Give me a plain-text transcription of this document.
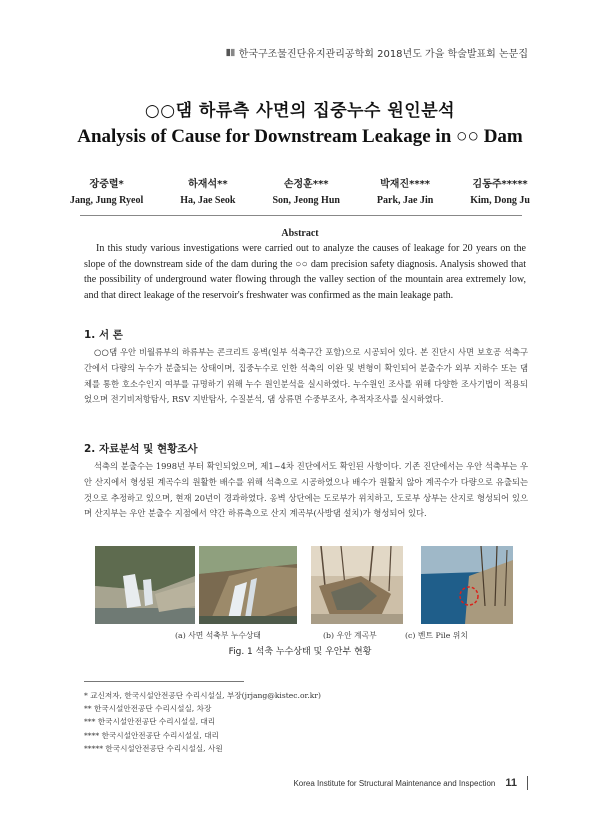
한국구조물진단유지관리공학회 2018년도 가을 학술발표회 논문집
○○댐 하류측 사면의 집중누수 원인분석
Analysis of Cause for Downstream Leakage in ○○ Dam
장중렬*
Jang, Jung Ryeol
하재석**
Ha, Jae Seok
손정훈***
Son, Jeong Hun
박재진****
Park, Jae Jin
김동주*****
Kim, Dong Ju
Abstract
In this study various investigations were carried out to analyze the causes of leakage for 20 years on the slope of the downstream side of the dam during the ○○ dam precision safety diagnosis. Analysis showed that the possibility of underground water flowing through the valley section of the mountain area extremely low, and that direct leakage of the reservoir's freshwater was confirmed as the main leakage path.
1. 서 론
○○댐 우안 비월류부의 하류부는 콘크리트 옹벽(일부 석축구간 포함)으로 시공되어 있다. 본 진단시 사면 보호공 석축구간에서 다량의 누수가 분출되는 상태이며, 집중누수로 인한 석축의 이완 및 변형이 확인되어 분출수가 외부 지하수 또는 댐체를 통한 호소수인지 여부를 규명하기 위해 누수 원인분석을 실시하였다. 누수원인 조사를 위해 다양한 조사기법이 적용되었으며 전기비저항탐사, RSV 지반탐사, 수질분석, 댐 상류면 수중부조사, 추적자조사를 실시하였다.
2. 자료분석 및 현황조사
석축의 분출수는 1998년 부터 확인되었으며, 제1~4차 진단에서도 확인된 사항이다. 기존 진단에서는 우안 석축부는 우안 산지에서 형성된 계곡수의 원활한 배수를 위해 석축으로 시공하였으나 배수가 원활치 않아 계곡수가 다량으로 유출되는 것으로 추정하고 있으며, 현재 20년이 경과하였다. 옹벽 상단에는 도로부가 위치하고, 도로부 상부는 산지로 형성되어 있으며 산지부는 우안 분출수 지점에서 약간 하류측으로 산지 계곡부(사방댐 설치)가 형성되어 있다.
(a) 사면 석축부 누수상태	(b) 우안 계곡부	(c) 벤트 Pile 위치
Fig. 1 석축 누수상태 및 우안부 현황
* 교신저자, 한국시설안전공단 수리시설실, 부장(jrjang@kistec.or.kr)
** 한국시설안전공단 수리시설실, 차장
*** 한국시설안전공단 수리시설실, 대리
**** 한국시설안전공단 수리시설실, 대리
***** 한국시설안전공단 수리시설실, 사원
Korea Institute for Structural Maintenance and Inspection 11
